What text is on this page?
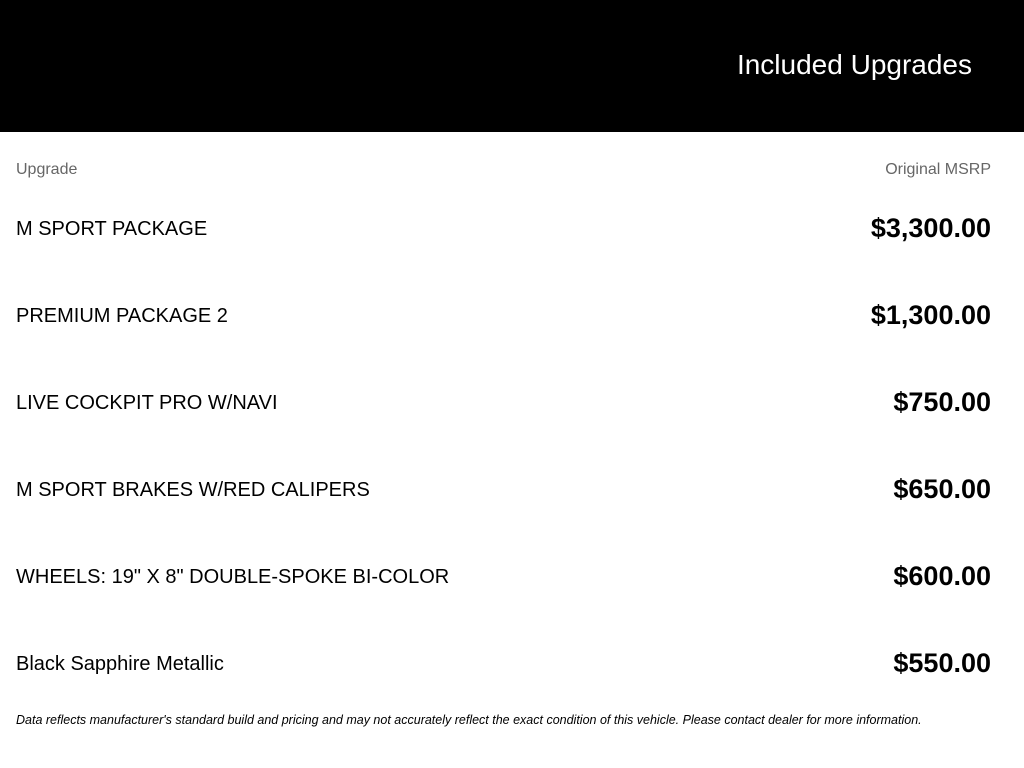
Included Upgrades
Upgrade	Original MSRP
M SPORT PACKAGE	$3,300.00
PREMIUM PACKAGE 2	$1,300.00
LIVE COCKPIT PRO W/NAVI	$750.00
M SPORT BRAKES W/RED CALIPERS	$650.00
WHEELS: 19" X 8" DOUBLE-SPOKE BI-COLOR	$600.00
Black Sapphire Metallic	$550.00
Data reflects manufacturer's standard build and pricing and may not accurately reflect the exact condition of this vehicle. Please contact dealer for more information.
